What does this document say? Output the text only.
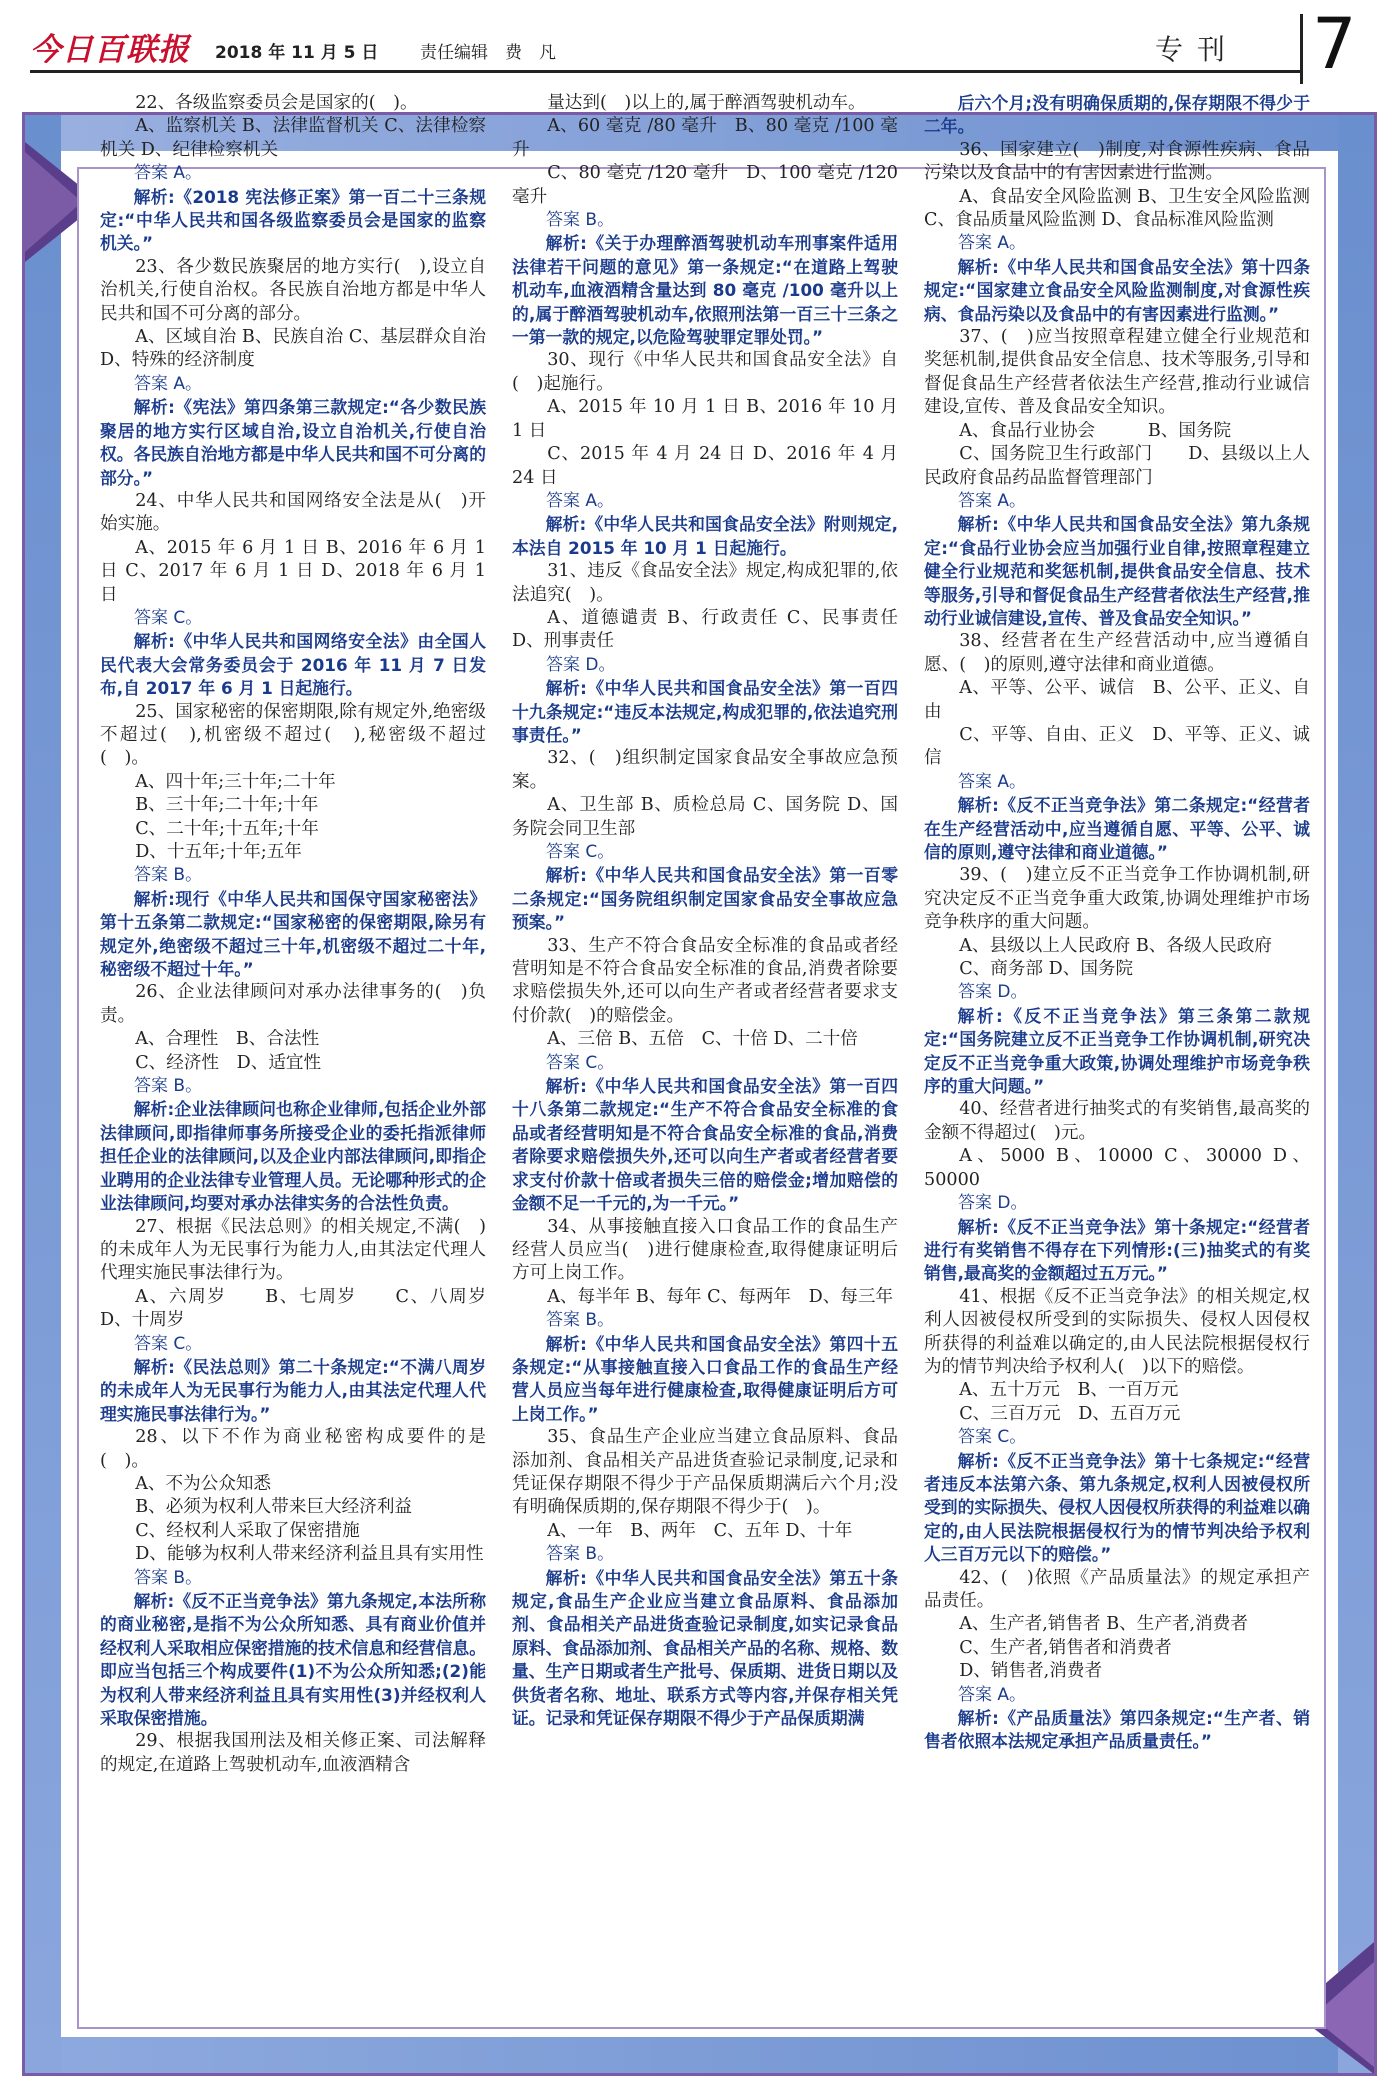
今日百联报 2018 年 11 月 5 日 责任编辑　费　凡	专刊 7

22、各级监察委员会是国家的(　)。

A、监察机关 B、法律监督机关 C、法律检察机关 D、纪律检察机关

答案 A。

解析:《2018 宪法修正案》第一百二十三条规定:“中华人民共和国各级监察委员会是国家的监察机关。”

23、各少数民族聚居的地方实行(　),设立自治机关,行使自治权。各民族自治地方都是中华人民共和国不可分离的部分。

A、区域自治 B、民族自治 C、基层群众自治 D、特殊的经济制度

答案 A。

解析:《宪法》第四条第三款规定:“各少数民族聚居的地方实行区域自治,设立自治机关,行使自治权。各民族自治地方都是中华人民共和国不可分离的部分。”

24、中华人民共和国网络安全法是从(　)开始实施。

A、2015 年 6 月 1 日 B、2016 年 6 月 1 日 C、2017 年 6 月 1 日 D、2018 年 6 月 1 日

答案 C。

解析:《中华人民共和国网络安全法》由全国人民代表大会常务委员会于 2016 年 11 月 7 日发布,自 2017 年 6 月 1 日起施行。

25、国家秘密的保密期限,除有规定外,绝密级不超过(　),机密级不超过(　),秘密级不超过(　)。

A、四十年;三十年;二十年

B、三十年;二十年;十年

C、二十年;十五年;十年

D、十五年;十年;五年

答案 B。

解析:现行《中华人民共和国保守国家秘密法》第十五条第二款规定:“国家秘密的保密期限,除另有规定外,绝密级不超过三十年,机密级不超过二十年,秘密级不超过十年。”

26、企业法律顾问对承办法律事务的(　)负责。

A、合理性　B、合法性

C、经济性　D、适宜性

答案 B。

解析:企业法律顾问也称企业律师,包括企业外部法律顾问,即指律师事务所接受企业的委托指派律师担任企业的法律顾问,以及企业内部法律顾问,即指企业聘用的企业法律专业管理人员。无论哪种形式的企业法律顾问,均要对承办法律实务的合法性负责。

27、根据《民法总则》的相关规定,不满(　)的未成年人为无民事行为能力人,由其法定代理人代理实施民事法律行为。

A、六周岁　　B、七周岁　　C、八周岁 D、十周岁

答案 C。

解析:《民法总则》第二十条规定:“不满八周岁的未成年人为无民事行为能力人,由其法定代理人代理实施民事法律行为。”

28、以下不作为商业秘密构成要件的是(　)。

A、不为公众知悉

B、必须为权利人带来巨大经济利益

C、经权利人采取了保密措施

D、能够为权利人带来经济利益且具有实用性

答案 B。

解析:《反不正当竞争法》第九条规定,本法所称的商业秘密,是指不为公众所知悉、具有商业价值并经权利人采取相应保密措施的技术信息和经营信息。即应当包括三个构成要件(1)不为公众所知悉;(2)能为权利人带来经济利益且具有实用性(3)并经权利人采取保密措施。

29、根据我国刑法及相关修正案、司法解释的规定,在道路上驾驶机动车,血液酒精含

量达到(　)以上的,属于醉酒驾驶机动车。

A、60 毫克 /80 毫升　B、80 毫克 /100 毫升

C、80 毫克 /120 毫升　D、100 毫克 /120 毫升

答案 B。

解析:《关于办理醉酒驾驶机动车刑事案件适用法律若干问题的意见》第一条规定:“在道路上驾驶机动车,血液酒精含量达到 80 毫克 /100 毫升以上的,属于醉酒驾驶机动车,依照刑法第一百三十三条之一第一款的规定,以危险驾驶罪定罪处罚。”

30、现行《中华人民共和国食品安全法》自(　)起施行。

A、2015 年 10 月 1 日 B、2016 年 10 月 1 日

C、2015 年 4 月 24 日 D、2016 年 4 月 24 日

答案 A。

解析:《中华人民共和国食品安全法》附则规定,本法自 2015 年 10 月 1 日起施行。

31、违反《食品安全法》规定,构成犯罪的,依法追究(　)。

A、道德谴责 B、行政责任 C、民事责任 D、刑事责任

答案 D。

解析:《中华人民共和国食品安全法》第一百四十九条规定:“违反本法规定,构成犯罪的,依法追究刑事责任。”

32、(　)组织制定国家食品安全事故应急预案。

A、卫生部 B、质检总局 C、国务院 D、国务院会同卫生部

答案 C。

解析:《中华人民共和国食品安全法》第一百零二条规定:“国务院组织制定国家食品安全事故应急预案。”

33、生产不符合食品安全标准的食品或者经营明知是不符合食品安全标准的食品,消费者除要求赔偿损失外,还可以向生产者或者经营者要求支付价款(　)的赔偿金。

A、三倍 B、五倍　C、十倍 D、二十倍

答案 C。

解析:《中华人民共和国食品安全法》第一百四十八条第二款规定:“生产不符合食品安全标准的食品或者经营明知是不符合食品安全标准的食品,消费者除要求赔偿损失外,还可以向生产者或者经营者要求支付价款十倍或者损失三倍的赔偿金;增加赔偿的金额不足一千元的,为一千元。”

34、从事接触直接入口食品工作的食品生产经营人员应当(　)进行健康检查,取得健康证明后方可上岗工作。

A、每半年 B、每年 C、每两年　D、每三年

答案 B。

解析:《中华人民共和国食品安全法》第四十五条规定:“从事接触直接入口食品工作的食品生产经营人员应当每年进行健康检查,取得健康证明后方可上岗工作。”

35、食品生产企业应当建立食品原料、食品添加剂、食品相关产品进货查验记录制度,记录和凭证保存期限不得少于产品保质期满后六个月;没有明确保质期的,保存期限不得少于(　)。

A、一年　B、两年　C、五年 D、十年

答案 B。

解析:《中华人民共和国食品安全法》第五十条规定,食品生产企业应当建立食品原料、食品添加剂、食品相关产品进货查验记录制度,如实记录食品原料、食品添加剂、食品相关产品的名称、规格、数量、生产日期或者生产批号、保质期、进货日期以及供货者名称、地址、联系方式等内容,并保存相关凭证。记录和凭证保存期限不得少于产品保质期满

后六个月;没有明确保质期的,保存期限不得少于二年。

36、国家建立(　)制度,对食源性疾病、食品污染以及食品中的有害因素进行监测。

A、食品安全风险监测 B、卫生安全风险监测 C、食品质量风险监测 D、食品标准风险监测

答案 A。

解析:《中华人民共和国食品安全法》第十四条规定:“国家建立食品安全风险监测制度,对食源性疾病、食品污染以及食品中的有害因素进行监测。”

37、(　)应当按照章程建立健全行业规范和奖惩机制,提供食品安全信息、技术等服务,引导和督促食品生产经营者依法生产经营,推动行业诚信建设,宣传、普及食品安全知识。

A、食品行业协会　　　B、国务院

C、国务院卫生行政部门　　D、县级以上人民政府食品药品监督管理部门

答案 A。

解析:《中华人民共和国食品安全法》第九条规定:“食品行业协会应当加强行业自律,按照章程建立健全行业规范和奖惩机制,提供食品安全信息、技术等服务,引导和督促食品生产经营者依法生产经营,推动行业诚信建设,宣传、普及食品安全知识。”

38、经营者在生产经营活动中,应当遵循自愿、(　)的原则,遵守法律和商业道德。

A、平等、公平、诚信　B、公平、正义、自由

C、平等、自由、正义　D、平等、正义、诚信

答案 A。

解析:《反不正当竞争法》第二条规定:“经营者在生产经营活动中,应当遵循自愿、平等、公平、诚信的原则,遵守法律和商业道德。”

39、(　)建立反不正当竞争工作协调机制,研究决定反不正当竞争重大政策,协调处理维护市场竞争秩序的重大问题。

A、县级以上人民政府 B、各级人民政府

C、商务部 D、国务院

答案 D。

解析:《反不正当竞争法》第三条第二款规定:“国务院建立反不正当竞争工作协调机制,研究决定反不正当竞争重大政策,协调处理维护市场竞争秩序的重大问题。”

40、经营者进行抽奖式的有奖销售,最高奖的金额不得超过(　)元。

A、5000 B、10000 C、30000 D、50000

答案 D。

解析:《反不正当竞争法》第十条规定:“经营者进行有奖销售不得存在下列情形:(三)抽奖式的有奖销售,最高奖的金额超过五万元。”

41、根据《反不正当竞争法》的相关规定,权利人因被侵权所受到的实际损失、侵权人因侵权所获得的利益难以确定的,由人民法院根据侵权行为的情节判决给予权利人(　)以下的赔偿。

A、五十万元　B、一百万元

C、三百万元　D、五百万元

答案 C。

解析:《反不正当竞争法》第十七条规定:“经营者违反本法第六条、第九条规定,权利人因被侵权所受到的实际损失、侵权人因侵权所获得的利益难以确定的,由人民法院根据侵权行为的情节判决给予权利人三百万元以下的赔偿。”

42、(　)依照《产品质量法》的规定承担产品责任。

A、生产者,销售者 B、生产者,消费者

C、生产者,销售者和消费者

D、销售者,消费者

答案 A。

解析:《产品质量法》第四条规定:“生产者、销售者依照本法规定承担产品质量责任。”
